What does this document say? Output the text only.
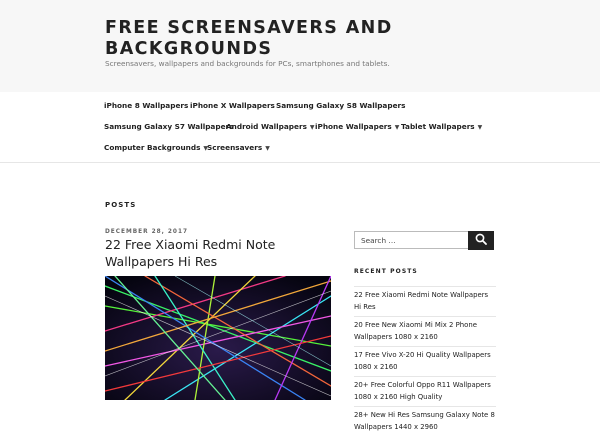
FREE SCREENSAVERS AND BACKGROUNDS
Screensavers, wallpapers and backgrounds for PCs, smartphones and tablets.
iPhone 8 Wallpapers iPhone X Wallpapers Samsung Galaxy S8 Wallpapers
Samsung Galaxy S7 Wallpapers
Android Wallpapers ▼ iPhone Wallpapers ▼ Tablet Wallpapers ▼
Computer Backgrounds ▼
Screensavers ▼
POSTS
DECEMBER 28, 2017
22 Free Xiaomi Redmi Note Wallpapers Hi Res
Search …
RECENT POSTS
22 Free Xiaomi Redmi Note Wallpapers Hi Res
20 Free New Xiaomi Mi Mix 2 Phone Wallpapers 1080 x 2160
17 Free Vivo X-20 Hi Quality Wallpapers 1080 x 2160
20+ Free Colorful Oppo R11 Wallpapers 1080 x 2160 High Quality
28+ New Hi Res Samsung Galaxy Note 8 Wallpapers 1440 x 2960
